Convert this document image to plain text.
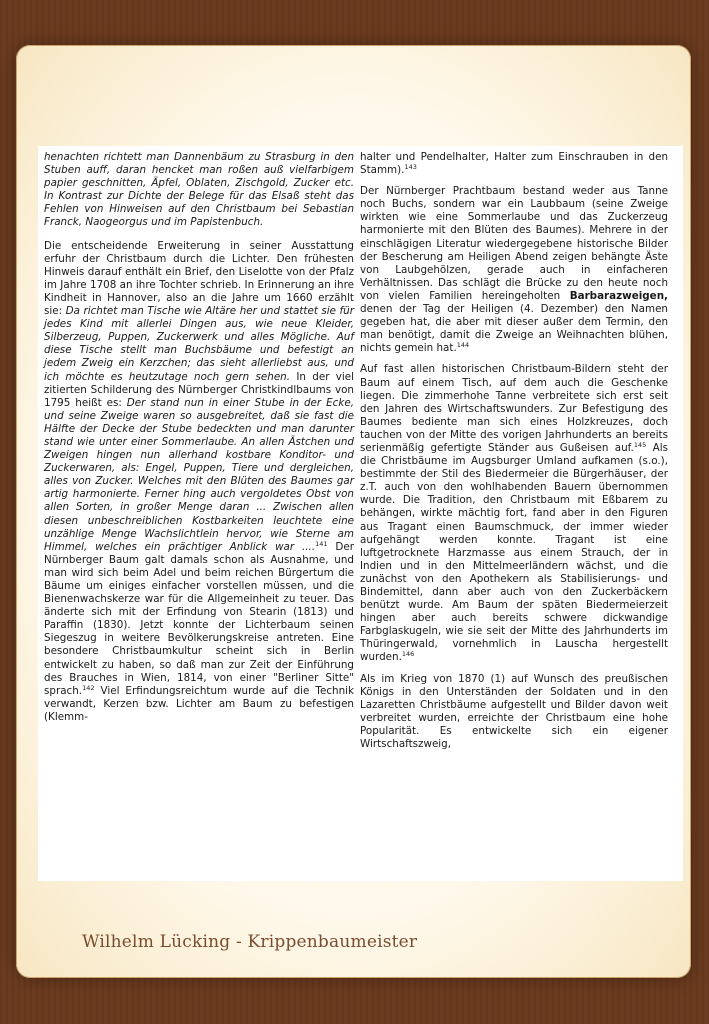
henachten richtett man Dannenbäum zu Strasburg in den Stuben auff, daran hencket man roßen auß vielfarbigem papier geschnitten, Äpfel, Oblaten, Zischgold, Zucker etc. In Kontrast zur Dichte der Belege für das Elsaß steht das Fehlen von Hinweisen auf den Christbaum bei Sebastian Franck, Naogeorgus und im Papistenbuch.

Die entscheidende Erweiterung in seiner Ausstattung erfuhr der Christbaum durch die Lichter. Den frühesten Hinweis darauf enthält ein Brief, den Liselotte von der Pfalz im Jahre 1708 an ihre Tochter schrieb. In Erinnerung an ihre Kindheit in Hannover, also an die Jahre um 1660 erzählt sie: Da richtet man Tische wie Altäre her und stattet sie für jedes Kind mit allerlei Dingen aus, wie neue Kleider, Silberzeug, Puppen, Zuckerwerk und alles Mögliche. Auf diese Tische stellt man Buchsbäume und befestigt an jedem Zweig ein Kerzchen; das sieht allerliebst aus, und ich möchte es heutzutage noch gern sehen. In der viel zitierten Schilderung des Nürnberger Christkindlbaums von 1795 heißt es: Der stand nun in einer Stube in der Ecke, und seine Zweige waren so ausgebreitet, daß sie fast die Hälfte der Decke der Stube bedeckten und man darunter stand wie unter einer Sommerlaube. An allen Ästchen und Zweigen hingen nun allerhand kostbare Konditor- und Zuckerwaren, als: Engel, Puppen, Tiere und dergleichen, alles von Zucker. Welches mit den Blüten des Baumes gar artig harmonierte. Ferner hing auch vergoldetes Obst von allen Sorten, in großer Menge daran ... Zwischen allen diesen unbeschreiblichen Kostbarkeiten leuchtete eine unzählige Menge Wachslichtlein hervor, wie Sterne am Himmel, welches ein prächtiger Anblick war ....$^{141}$ Der Nürnberger Baum galt damals schon als Ausnahme, und man wird sich beim Adel und beim reichen Bürgertum die Bäume um einiges einfacher vorstellen müssen, und die Bienenwachskerze war für die Allgemeinheit zu teuer. Das änderte sich mit der Erfindung von Stearin (1813) und Paraffin (1830). Jetzt konnte der Lichterbaum seinen Siegeszug in weitere Bevölkerungskreise antreten. Eine besondere Christbaumkultur scheint sich in Berlin entwickelt zu haben, so daß man zur Zeit der Einführung des Brauches in Wien, 1814, von einer "Berliner Sitte" sprach.$^{142}$ Viel Erfindungsreichtum wurde auf die Technik verwandt, Kerzen bzw. Lichter am Baum zu befestigen (Klemm-

halter und Pendelhalter, Halter zum Einschrauben in den Stamm).$^{143}$

Der Nürnberger Prachtbaum bestand weder aus Tanne noch Buchs, sondern war ein Laubbaum (seine Zweige wirkten wie eine Sommerlaube und das Zuckerzeug harmonierte mit den Blüten des Baumes). Mehrere in der einschlägigen Literatur wiedergegebene historische Bilder der Bescherung am Heiligen Abend zeigen behängte Äste von Laubgehölzen, gerade auch in einfacheren Verhältnissen. Das schlägt die Brücke zu den heute noch von vielen Familien hereingeholten Barbarazweigen, denen der Tag der Heiligen (4. Dezember) den Namen gegeben hat, die aber mit dieser außer dem Termin, den man benötigt, damit die Zweige an Weihnachten blühen, nichts gemein hat.$^{144}$

Auf fast allen historischen Christbaum-Bildern steht der Baum auf einem Tisch, auf dem auch die Geschenke liegen. Die zimmerhohe Tanne verbreitete sich erst seit den Jahren des Wirtschaftswunders. Zur Befestigung des Baumes bediente man sich eines Holzkreuzes, doch tauchen von der Mitte des vorigen Jahrhunderts an bereits serienmäßig gefertigte Ständer aus Gußeisen auf.$^{145}$ Als die Christbäume im Augsburger Umland aufkamen (s.o.), bestimmte der Stil des Biedermeier die Bürgerhäuser, der z.T. auch von den wohlhabenden Bauern übernommen wurde. Die Tradition, den Christbaum mit Eßbarem zu behängen, wirkte mächtig fort, fand aber in den Figuren aus Tragant einen Baumschmuck, der immer wieder aufgehängt werden konnte. Tragant ist eine luftgetrocknete Harzmasse aus einem Strauch, der in Indien und in den Mittelmeerländern wächst, und die zunächst von den Apothekern als Stabilisierungs- und Bindemittel, dann aber auch von den Zuckerbäckern benützt wurde. Am Baum der späten Biedermeierzeit hingen aber auch bereits schwere dickwandige Farbglaskugeln, wie sie seit der Mitte des Jahrhunderts im Thüringerwald, vornehmlich in Lauscha hergestellt wurden.$^{146}$

Als im Krieg von 1870 (1) auf Wunsch des preußischen Königs in den Unterständen der Soldaten und in den Lazaretten Christbäume aufgestellt und Bilder davon weit verbreitet wurden, erreichte der Christbaum eine hohe Popularität. Es entwickelte sich ein eigener Wirtschaftszweig,

Wilhelm Lücking - Krippenbaumeister
